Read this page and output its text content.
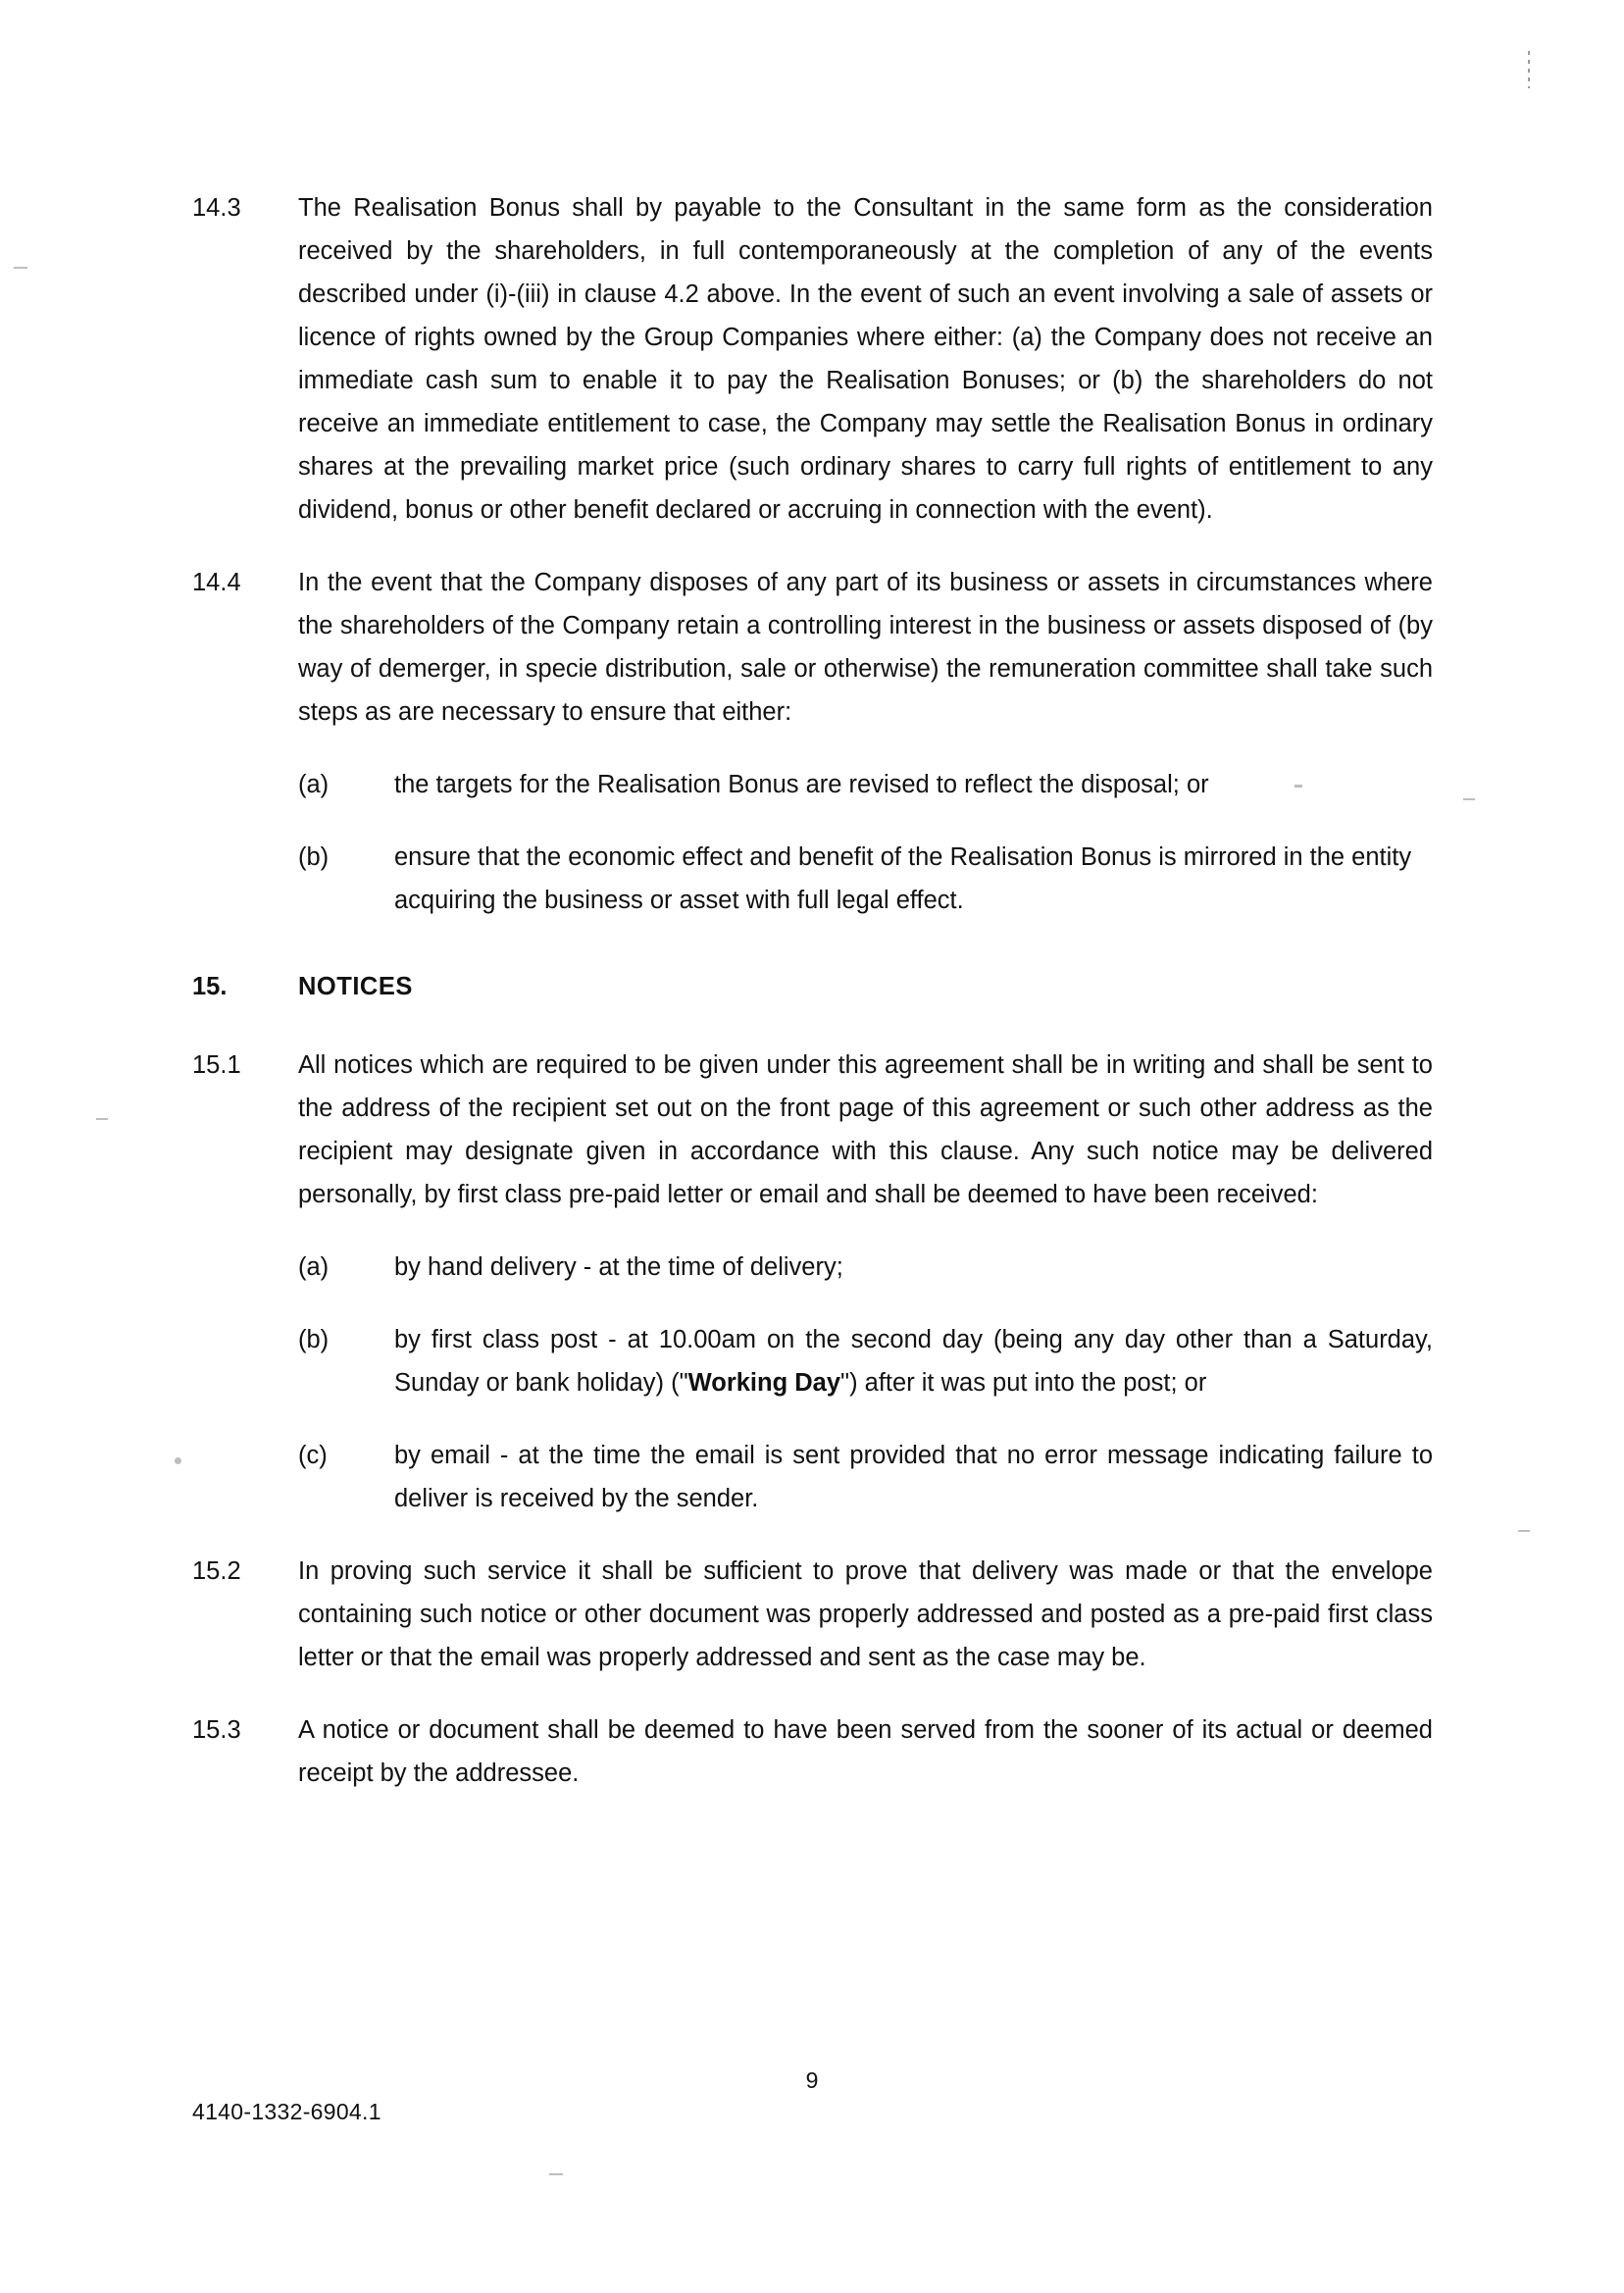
14.3	The Realisation Bonus shall by payable to the Consultant in the same form as the consideration received by the shareholders, in full contemporaneously at the completion of any of the events described under (i)-(iii) in clause 4.2 above. In the event of such an event involving a sale of assets or licence of rights owned by the Group Companies where either: (a) the Company does not receive an immediate cash sum to enable it to pay the Realisation Bonuses; or (b) the shareholders do not receive an immediate entitlement to case, the Company may settle the Realisation Bonus in ordinary shares at the prevailing market price (such ordinary shares to carry full rights of entitlement to any dividend, bonus or other benefit declared or accruing in connection with the event).
14.4	In the event that the Company disposes of any part of its business or assets in circumstances where the shareholders of the Company retain a controlling interest in the business or assets disposed of (by way of demerger, in specie distribution, sale or otherwise) the remuneration committee shall take such steps as are necessary to ensure that either:
(a)	the targets for the Realisation Bonus are revised to reflect the disposal; or
(b)	ensure that the economic effect and benefit of the Realisation Bonus is mirrored in the entity acquiring the business or asset with full legal effect.
15.	NOTICES
15.1	All notices which are required to be given under this agreement shall be in writing and shall be sent to the address of the recipient set out on the front page of this agreement or such other address as the recipient may designate given in accordance with this clause. Any such notice may be delivered personally, by first class pre-paid letter or email and shall be deemed to have been received:
(a)	by hand delivery - at the time of delivery;
(b)	by first class post - at 10.00am on the second day (being any day other than a Saturday, Sunday or bank holiday) ("Working Day") after it was put into the post; or
(c)	by email - at the time the email is sent provided that no error message indicating failure to deliver is received by the sender.
15.2	In proving such service it shall be sufficient to prove that delivery was made or that the envelope containing such notice or other document was properly addressed and posted as a pre-paid first class letter or that the email was properly addressed and sent as the case may be.
15.3	A notice or document shall be deemed to have been served from the sooner of its actual or deemed receipt by the addressee.
9
4140-1332-6904.1
